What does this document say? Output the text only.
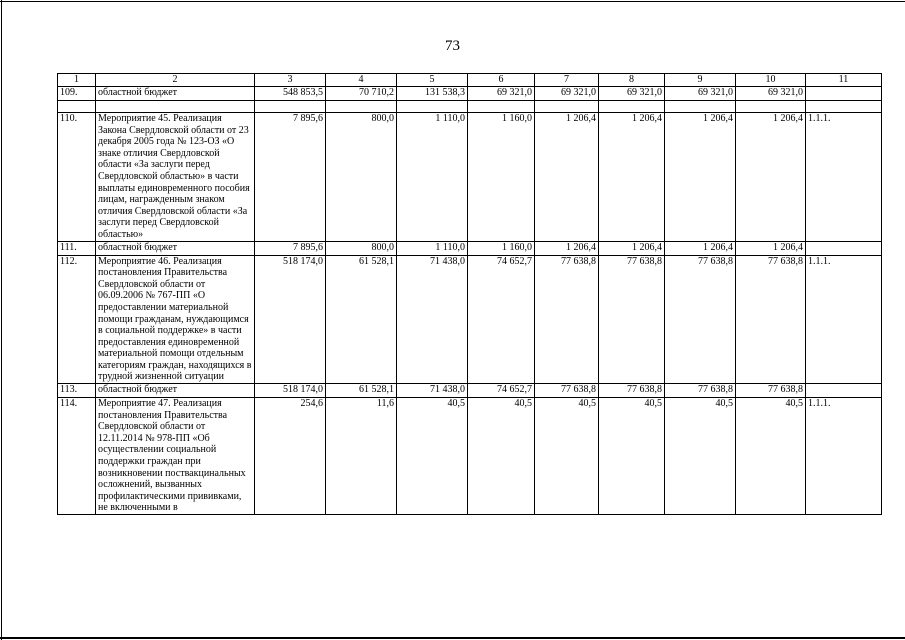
73
1	2	3	4	5	6	7	8	9	10	11
109.	областной бюджет	548 853,5	70 710,2	131 538,3	69 321,0	69 321,0	69 321,0	69 321,0	69 321,0	

110.	Мероприятие 45. Реализация Закона Свердловской области от 23 декабря 2005 года № 123-ОЗ «О знаке отличия Свердловской области «За заслуги перед Свердловской областью» в части выплаты единовременного пособия лицам, награжденным знаком отличия Свердловской области «За заслуги перед Свердловской областью»	7 895,6	800,0	1 110,0	1 160,0	1 206,4	1 206,4	1 206,4	1 206,4	1.1.1.
111.	областной бюджет	7 895,6	800,0	1 110,0	1 160,0	1 206,4	1 206,4	1 206,4	1 206,4	
112.	Мероприятие 46. Реализация постановления Правительства Свердловской области от 06.09.2006 № 767-ПП «О предоставлении материальной помощи гражданам, нуждающимся в социальной поддержке» в части предоставления единовременной материальной помощи отдельным категориям граждан, находящихся в трудной жизненной ситуации	518 174,0	61 528,1	71 438,0	74 652,7	77 638,8	77 638,8	77 638,8	77 638,8	1.1.1.
113.	областной бюджет	518 174,0	61 528,1	71 438,0	74 652,7	77 638,8	77 638,8	77 638,8	77 638,8	
114.	Мероприятие 47. Реализация постановления Правительства Свердловской области от 12.11.2014 № 978-ПП «Об осуществлении социальной поддержки граждан при возникновении поствакцинальных осложнений, вызванных профилактическими прививками, не включенными в	254,6	11,6	40,5	40,5	40,5	40,5	40,5	40,5	1.1.1.
